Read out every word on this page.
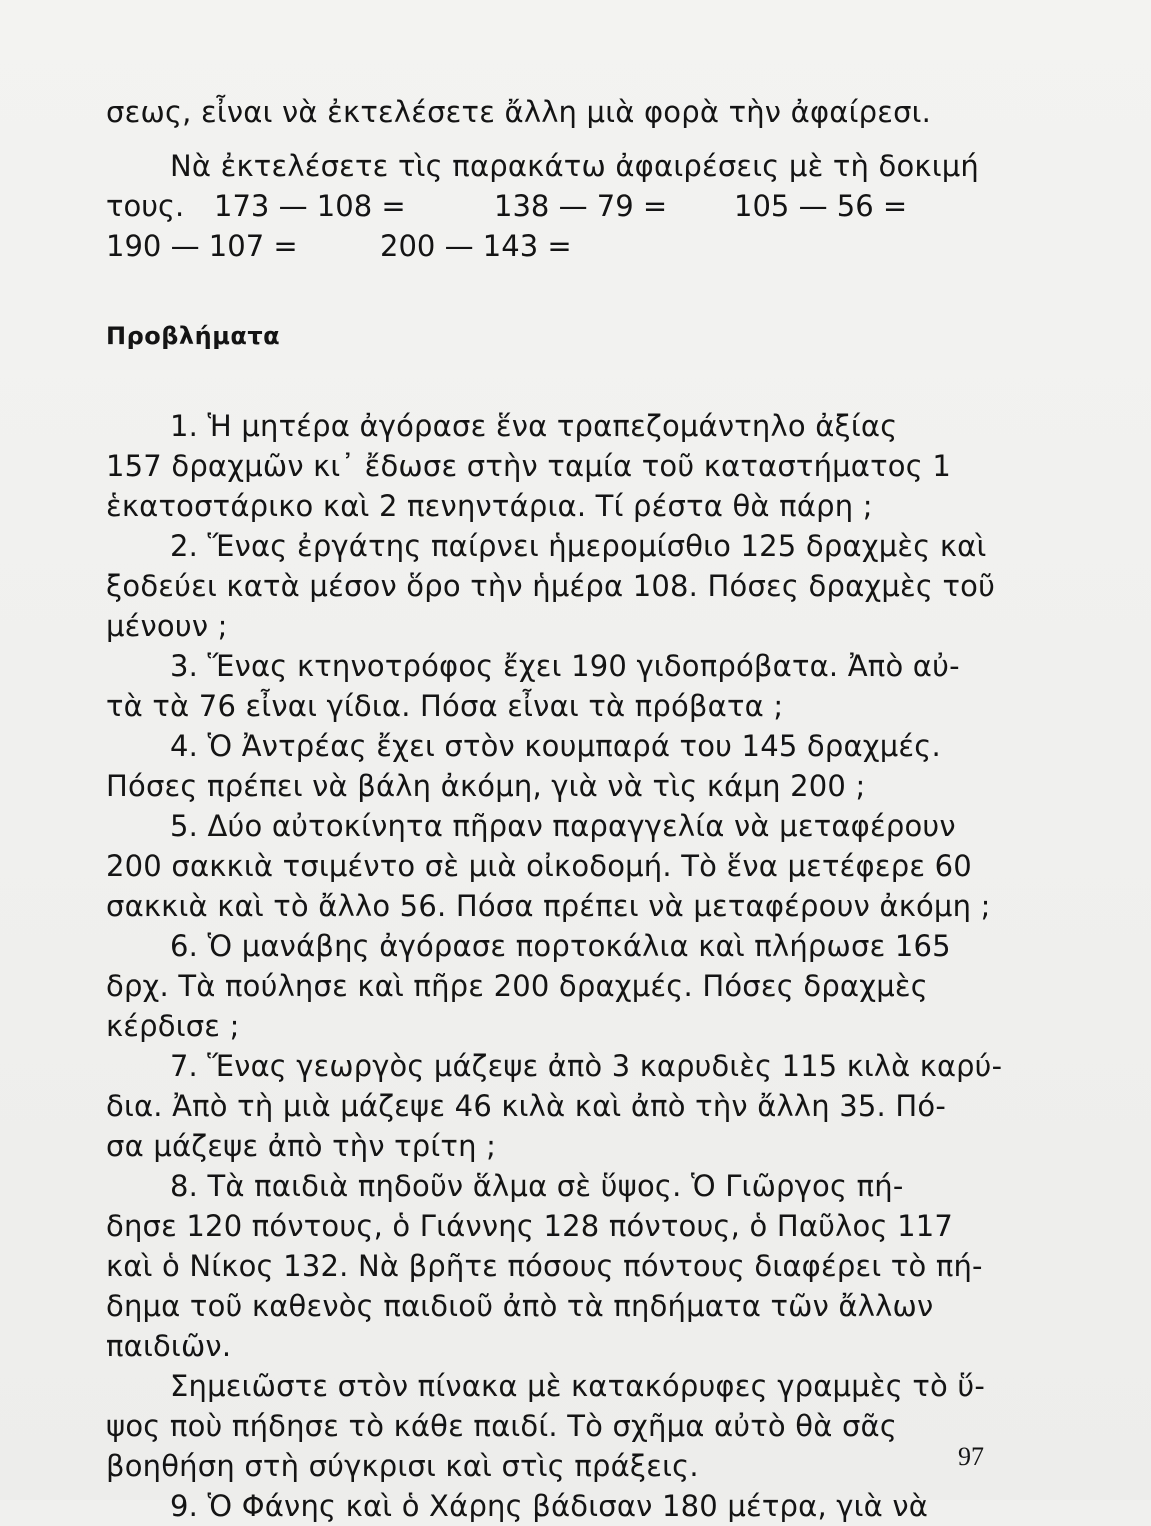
σεως, εἶναι νὰ ἐκτελέσετε ἄλλη μιὰ φορὰ τὴν ἀφαίρεσι.
Νὰ ἐκτελέσετε τὶς παρακάτω ἀφαιρέσεις μὲ τὴ δοκιμή
τους. 173 — 108 =	138 — 79 = 105 — 56 =
190 — 107 =	200 — 143 =
Προβλήματα
1. Ἡ μητέρα ἀγόρασε ἕνα τραπεζομάντηλο ἀξίας
157 δραχμῶν κι᾽ ἔδωσε στὴν ταμία τοῦ καταστήματος 1
ἑκατοστάρικο καὶ 2 πενηντάρια. Τί ρέστα θὰ πάρη ;
2. Ἕνας ἐργάτης παίρνει ἡμερομίσθιο 125 δραχμὲς καὶ
ξοδεύει κατὰ μέσον ὅρο τὴν ἡμέρα 108. Πόσες δραχμὲς τοῦ
μένουν ;
3. Ἕνας κτηνοτρόφος ἔχει 190 γιδοπρόβατα. Ἀπὸ αὐ-
τὰ τὰ 76 εἶναι γίδια. Πόσα εἶναι τὰ πρόβατα ;
4. Ὁ Ἀντρέας ἔχει στὸν κουμπαρά του 145 δραχμές.
Πόσες πρέπει νὰ βάλη ἀκόμη, γιὰ νὰ τὶς κάμη 200 ;
5. Δύο αὐτοκίνητα πῆραν παραγγελία νὰ μεταφέρουν
200 σακκιὰ τσιμέντο σὲ μιὰ οἰκοδομή. Τὸ ἕνα μετέφερε 60
σακκιὰ καὶ τὸ ἄλλο 56. Πόσα πρέπει νὰ μεταφέρουν ἀκόμη ;
6. Ὁ μανάβης ἀγόρασε πορτοκάλια καὶ πλήρωσε 165
δρχ. Τὰ πούλησε καὶ πῆρε 200 δραχμές. Πόσες δραχμὲς
κέρδισε ;
7. Ἕνας γεωργὸς μάζεψε ἀπὸ 3 καρυδιὲς 115 κιλὰ καρύ-
δια. Ἀπὸ τὴ μιὰ μάζεψε 46 κιλὰ καὶ ἀπὸ τὴν ἄλλη 35. Πό-
σα μάζεψε ἀπὸ τὴν τρίτη ;
8. Τὰ παιδιὰ πηδοῦν ἅλμα σὲ ὕψος. Ὁ Γιῶργος πή-
δησε 120 πόντους, ὁ Γιάννης 128 πόντους, ὁ Παῦλος 117
καὶ ὁ Νίκος 132. Νὰ βρῆτε πόσους πόντους διαφέρει τὸ πή-
δημα τοῦ καθενὸς παιδιοῦ ἀπὸ τὰ πηδήματα τῶν ἄλλων
παιδιῶν.
Σημειῶστε στὸν πίνακα μὲ κατακόρυφες γραμμὲς τὸ ὕ-
ψος ποὺ πήδησε τὸ κάθε παιδί. Τὸ σχῆμα αὐτὸ θὰ σᾶς
βοηθήση στὴ σύγκρισι καὶ στὶς πράξεις.
9. Ὁ Φάνης καὶ ὁ Χάρης βάδισαν 180 μέτρα, γιὰ νὰ
97
